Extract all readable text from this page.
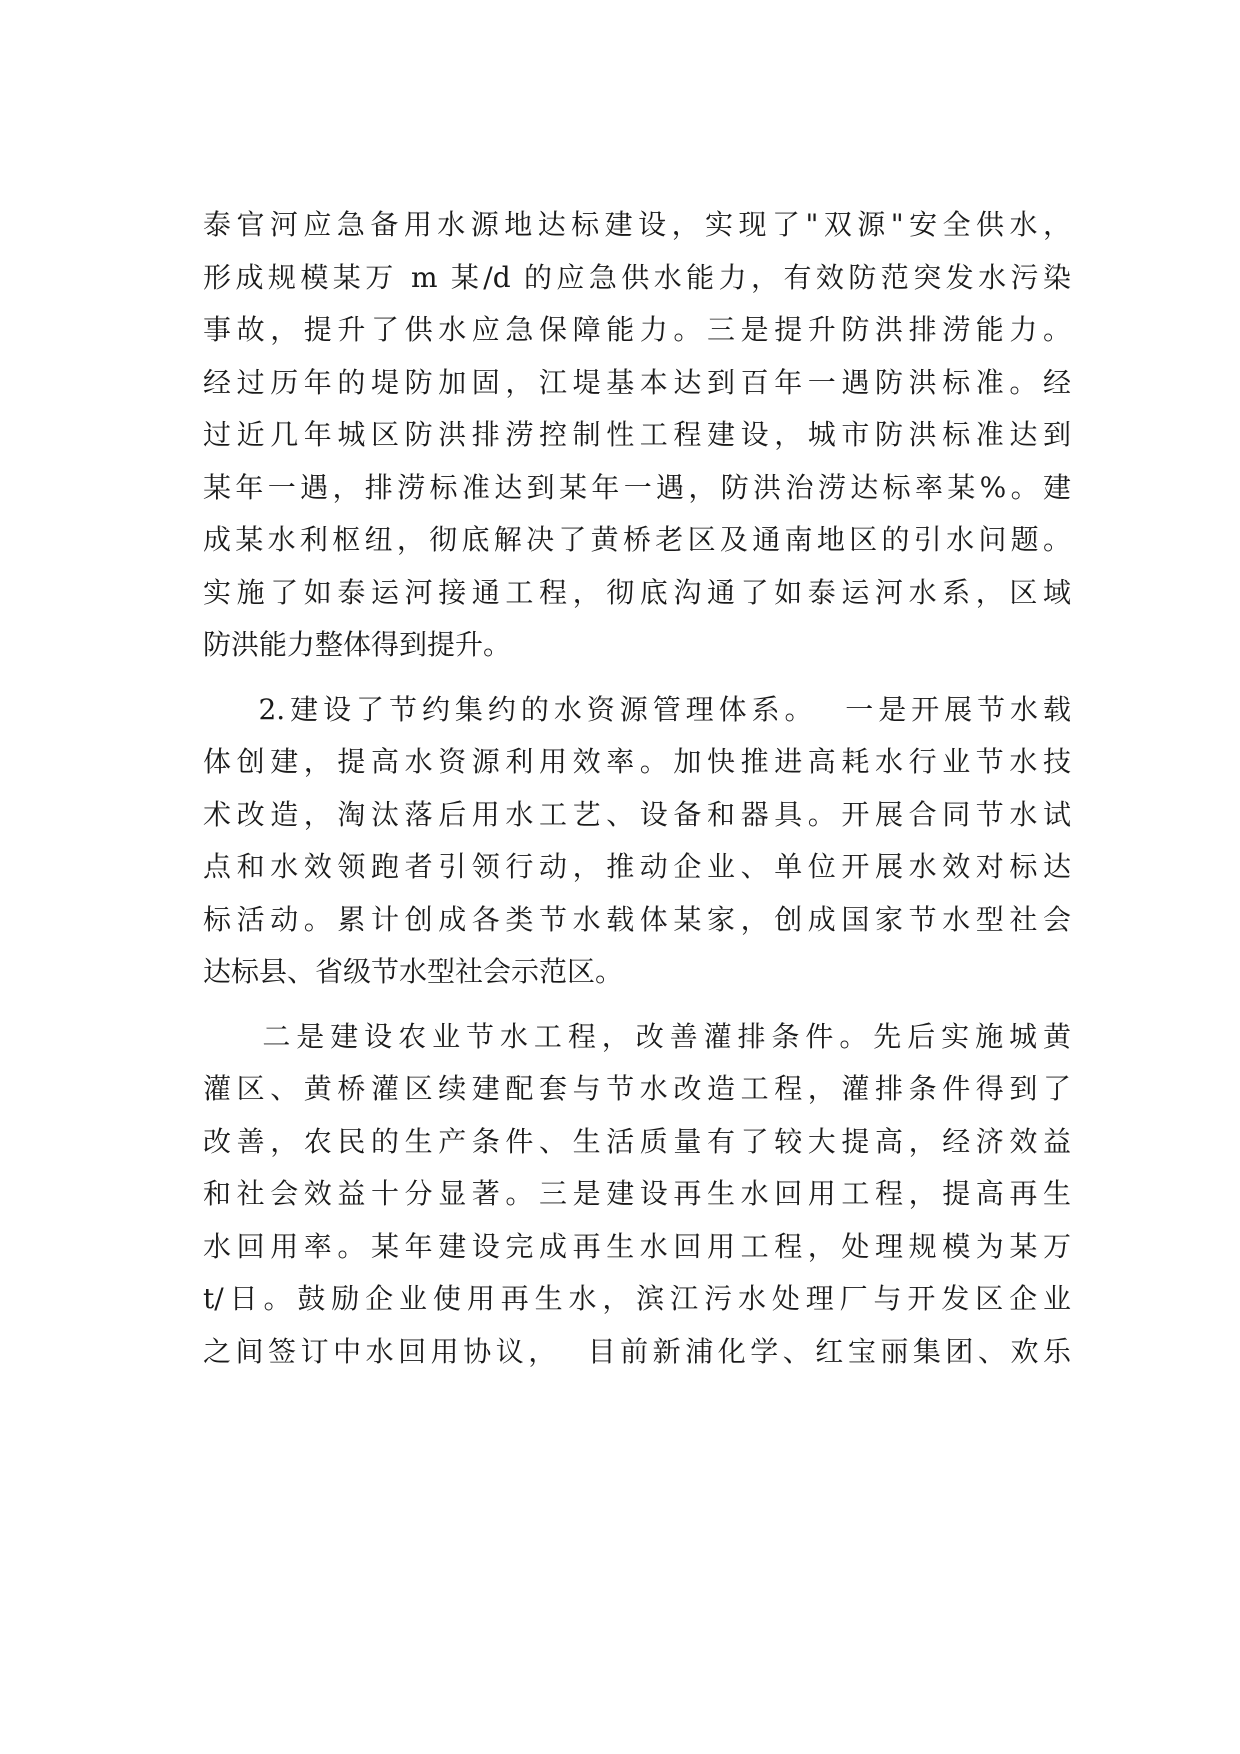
泰官河应急备用水源地达标建设，实现了"双源"安全供水，
形成规模某万 m 某/d 的应急供水能力，有效防范突发水污染
事故，提升了供水应急保障能力。三是提升防洪排涝能力。
经过历年的堤防加固，江堤基本达到百年一遇防洪标准。经
过近几年城区防洪排涝控制性工程建设，城市防洪标准达到
某年一遇，排涝标准达到某年一遇，防洪治涝达标率某%。建
成某水利枢纽，彻底解决了黄桥老区及通南地区的引水问题。
实施了如泰运河接通工程，彻底沟通了如泰运河水系，区域
防洪能力整体得到提升。
2.建设了节约集约的水资源管理体系。  一是开展节水载
体创建，提高水资源利用效率。加快推进高耗水行业节水技
术改造，淘汰落后用水工艺、设备和器具。开展合同节水试
点和水效领跑者引领行动，推动企业、单位开展水效对标达
标活动。累计创成各类节水载体某家，创成国家节水型社会
达标县、省级节水型社会示范区。
二是建设农业节水工程，改善灌排条件。先后实施城黄
灌区、黄桥灌区续建配套与节水改造工程，灌排条件得到了
改善，农民的生产条件、生活质量有了较大提高，经济效益
和社会效益十分显著。三是建设再生水回用工程，提高再生
水回用率。某年建设完成再生水回用工程，处理规模为某万
t/日。鼓励企业使用再生水，滨江污水处理厂与开发区企业
之间签订中水回用协议，  目前新浦化学、红宝丽集团、欢乐
